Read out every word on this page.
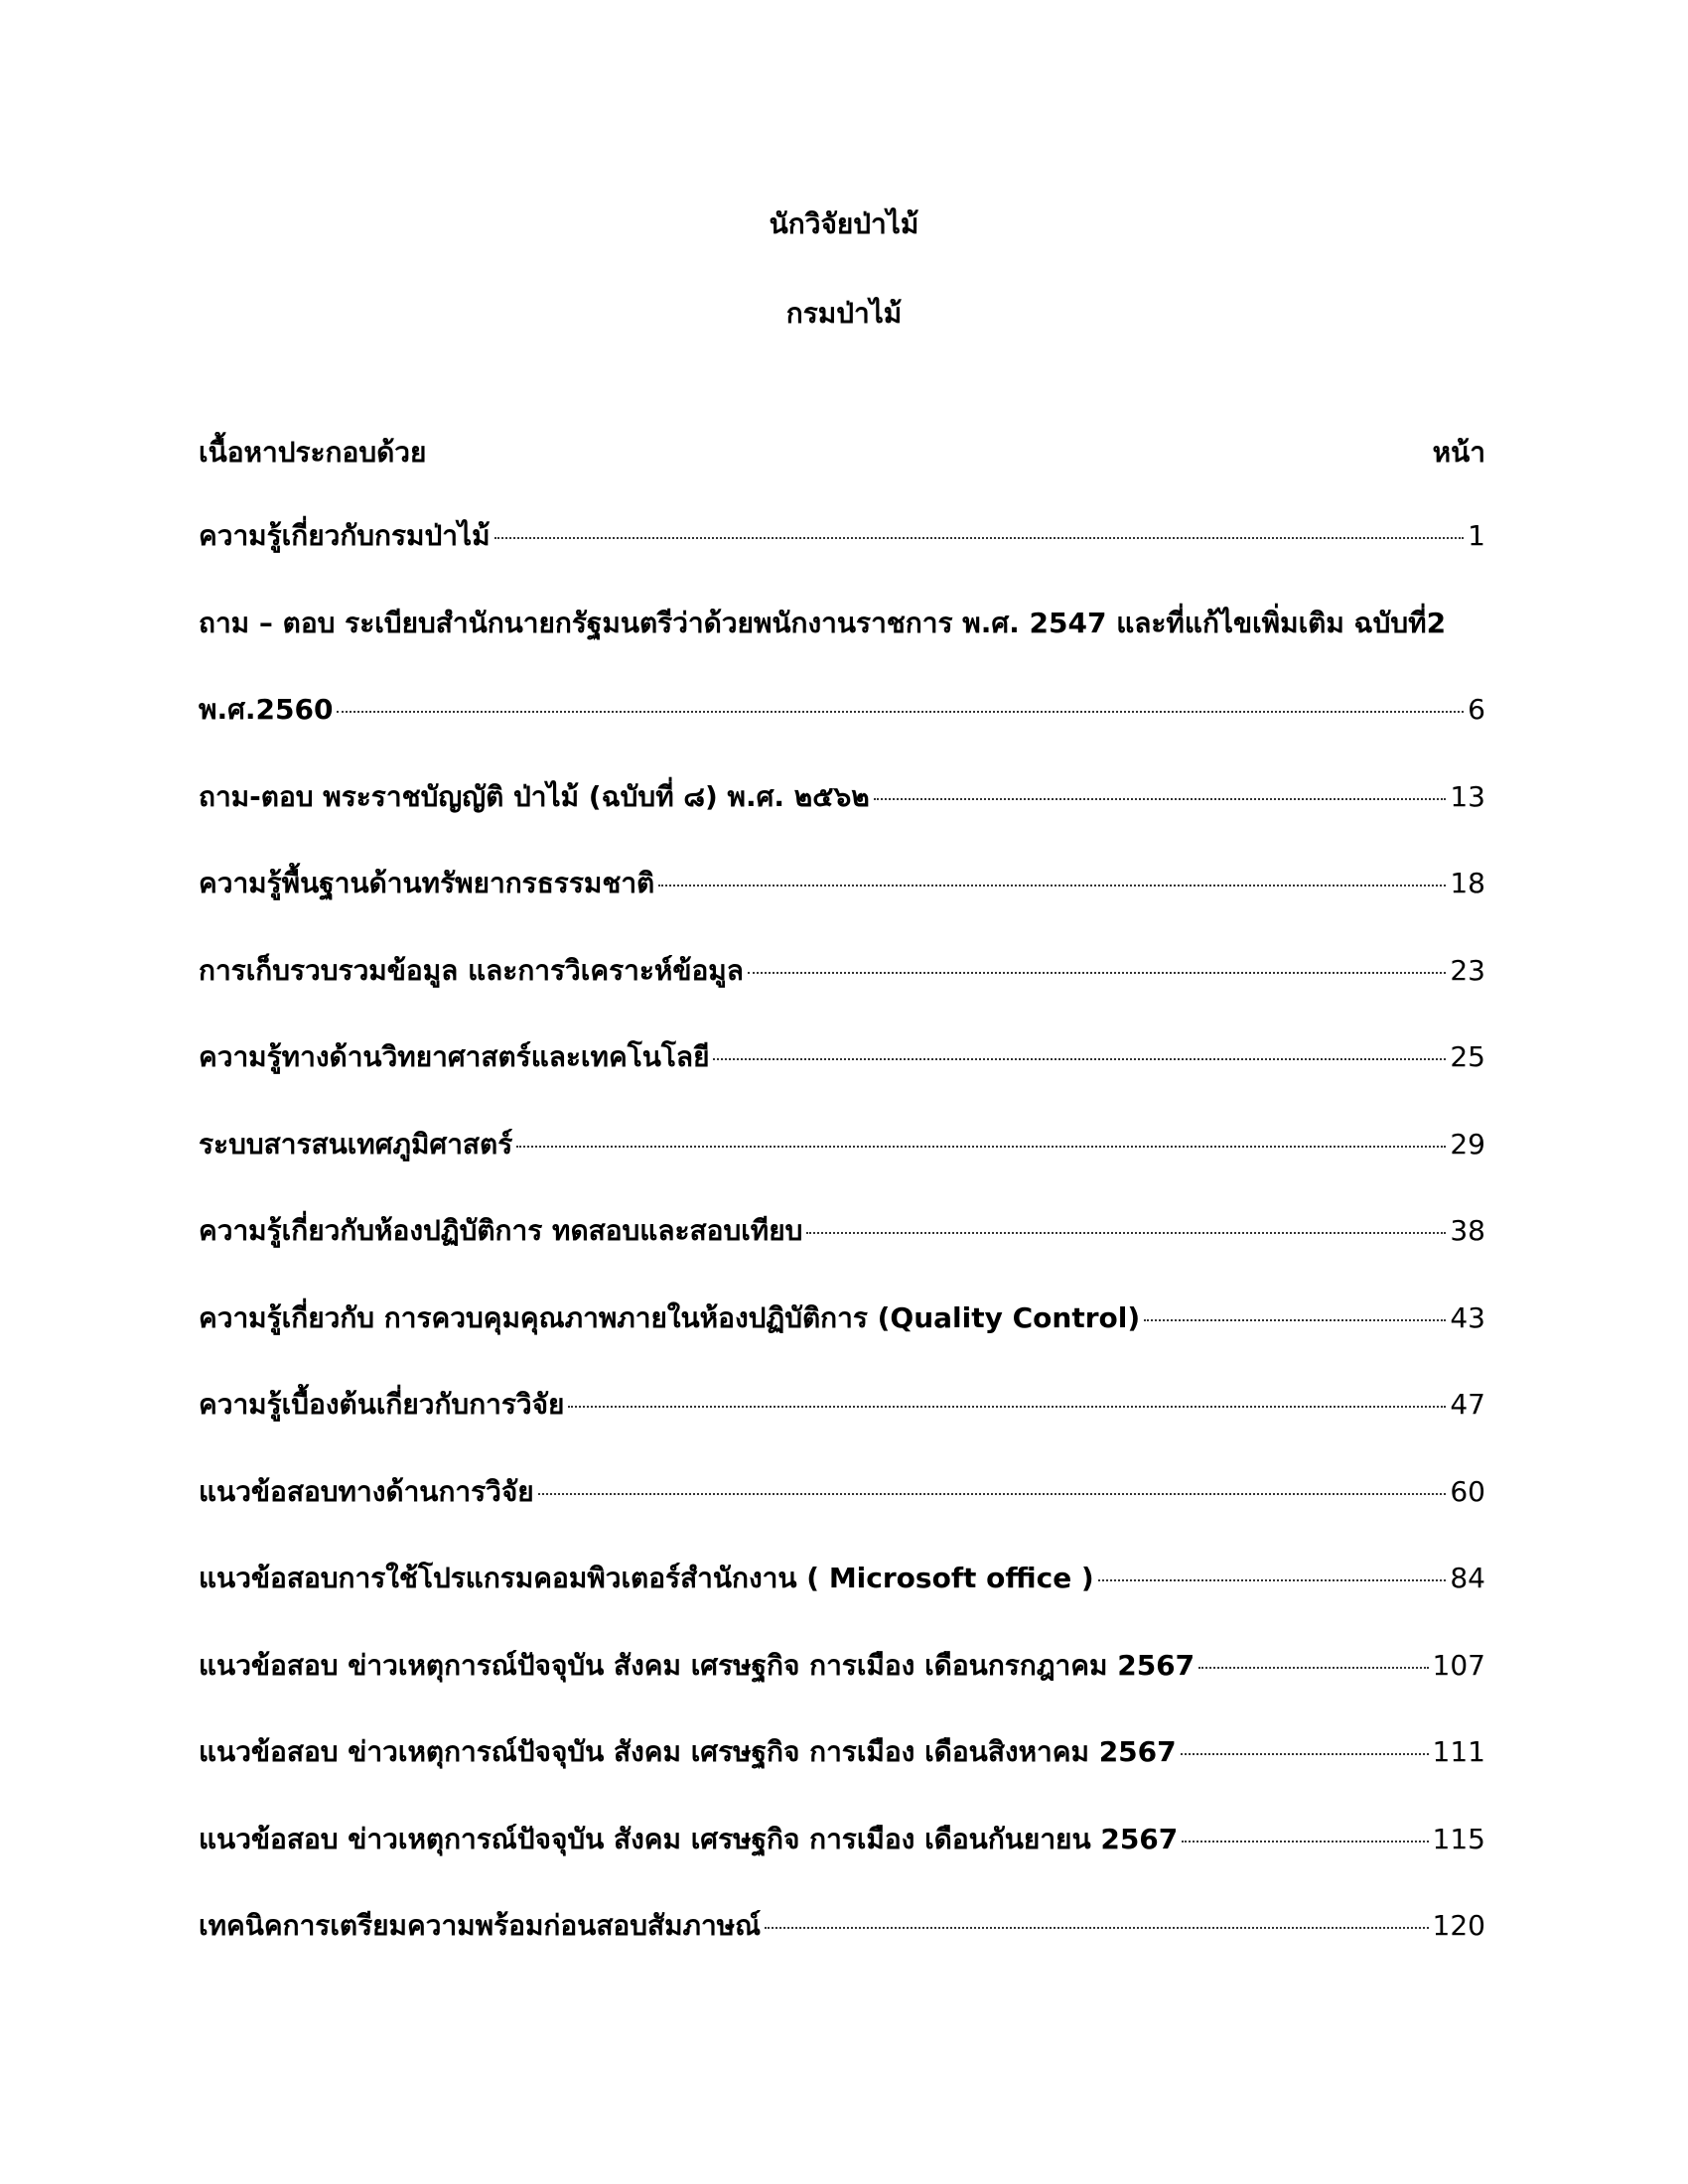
นักวิจัยป่าไม้
กรมป่าไม้
เนื้อหาประกอบด้วย	หน้า
ความรู้เกี่ยวกับกรมป่าไม้	1
ถาม – ตอบ ระเบียบสำนักนายกรัฐมนตรีว่าด้วยพนักงานราชการ พ.ศ. 2547 และที่แก้ไขเพิ่มเติม ฉบับที่2
พ.ศ.2560	6
ถาม-ตอบ พระราชบัญญัติ ป่าไม้ (ฉบับที่ ๘) พ.ศ. ๒๕๖๒	13
ความรู้พื้นฐานด้านทรัพยากรธรรมชาติ	18
การเก็บรวบรวมข้อมูล และการวิเคราะห์ข้อมูล	23
ความรู้ทางด้านวิทยาศาสตร์และเทคโนโลยี	25
ระบบสารสนเทศภูมิศาสตร์	29
ความรู้เกี่ยวกับห้องปฏิบัติการ ทดสอบและสอบเทียบ	38
ความรู้เกี่ยวกับ การควบคุมคุณภาพภายในห้องปฏิบัติการ (Quality Control)	43
ความรู้เบื้องต้นเกี่ยวกับการวิจัย	47
แนวข้อสอบทางด้านการวิจัย	60
แนวข้อสอบการใช้โปรแกรมคอมพิวเตอร์สำนักงาน ( Microsoft office )	84
แนวข้อสอบ ข่าวเหตุการณ์ปัจจุบัน สังคม เศรษฐกิจ การเมือง เดือนกรกฎาคม 2567	107
แนวข้อสอบ ข่าวเหตุการณ์ปัจจุบัน สังคม เศรษฐกิจ การเมือง เดือนสิงหาคม 2567	111
แนวข้อสอบ ข่าวเหตุการณ์ปัจจุบัน สังคม เศรษฐกิจ การเมือง เดือนกันยายน 2567	115
เทคนิคการเตรียมความพร้อมก่อนสอบสัมภาษณ์	120
